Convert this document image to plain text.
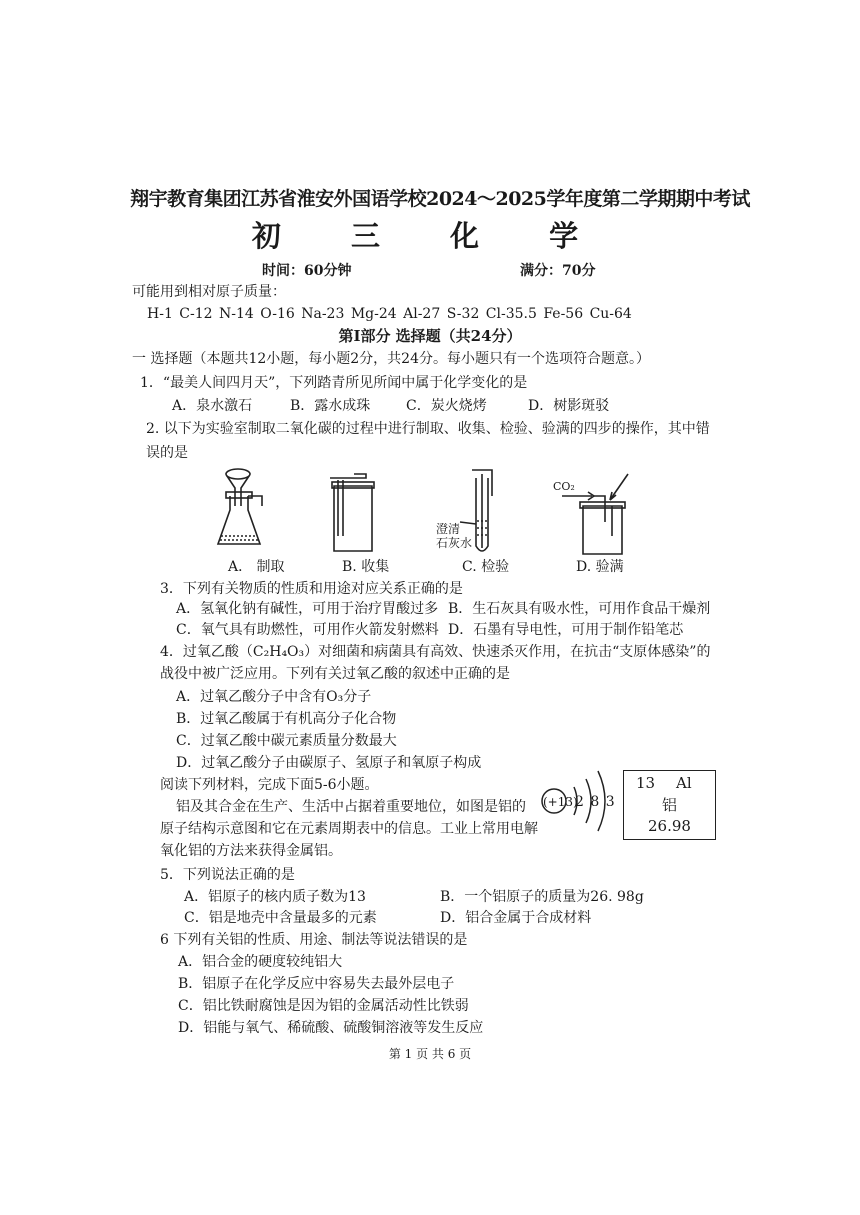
翔宇教育集团江苏省淮安外国语学校2024～2025学年度第二学期期中考试
初 三 化 学
时间：60分钟	满分：70分
可能用到相对原子质量：
H-1 C-12 N-14 O-16 Na-23 Mg-24 Al-27 S-32 Cl-35.5 Fe-56 Cu-64
第Ⅰ部分 选择题（共24分）
一 选择题（本题共12小题，每小题2分，共24分。每小题只有一个选项符合题意。）
1．“最美人间四月天”，下列踏青所见所闻中属于化学变化的是
A．泉水激石	B．露水成珠	C．炭火烧烤	D．树影斑驳
2. 以下为实验室制取二氧化碳的过程中进行制取、收集、检验、验满的四步的操作，其中错
误的是
CO₂
澄清
石灰水
A． 制取	B. 收集	C. 检验	D. 验满
3．下列有关物质的性质和用途对应关系正确的是
A．氢氧化钠有碱性，可用于治疗胃酸过多 B．生石灰具有吸水性，可用作食品干燥剂
C．氧气具有助燃性，可用作火箭发射燃料 D．石墨有导电性，可用于制作铅笔芯
4．过氧乙酸（C₂H₄O₃）对细菌和病菌具有高效、快速杀灭作用，在抗击“支原体感染”的
战役中被广泛应用。下列有关过氧乙酸的叙述中正确的是
A．过氧乙酸分子中含有O₃分子
B．过氧乙酸属于有机高分子化合物
C．过氧乙酸中碳元素质量分数最大
D．过氧乙酸分子由碳原子、氢原子和氧原子构成
阅读下列材料，完成下面5-6小题。
铝及其合金在生产、生活中占据着重要地位，如图是铝的
原子结构示意图和它在元素周期表中的信息。工业上常用电解
氧化铝的方法来获得金属铝。
(+13)
2 8 3
13 Al
铝
26.98
5．下列说法正确的是
A．铝原子的核内质子数为13	B．一个铝原子的质量为26. 98g
C．铝是地壳中含量最多的元素	D．铝合金属于合成材料
6 下列有关铝的性质、用途、制法等说法错误的是
A．铝合金的硬度较纯铝大
B．铝原子在化学反应中容易失去最外层电子
C．铝比铁耐腐蚀是因为铝的金属活动性比铁弱
D．铝能与氧气、稀硫酸、硫酸铜溶液等发生反应
第 1 页 共 6 页
